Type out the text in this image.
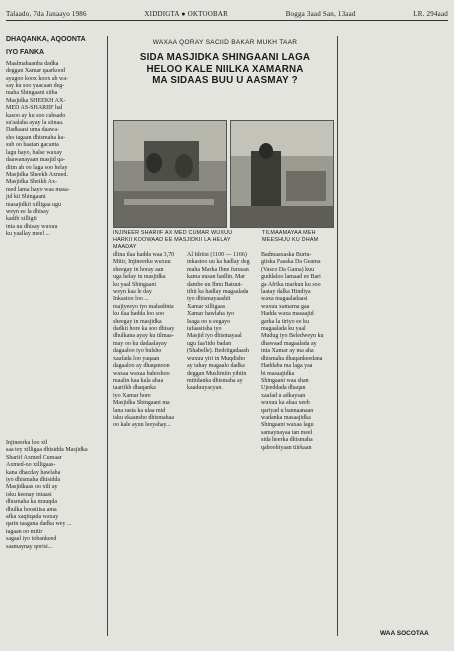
Talaado, 7da Janaayo 1986	XIDDIGTA ● OKTOOBAR	Bogga 3aad San, 13aad	LR. 294aad
DHAQANKA, AQOONTA
IYO FANKA
Maalmahaanba dadka
deggan Xamar qaarkood
ayagoo koox koox ah wa-
say ku soo yaacaan deg-
maha Shingaani siiba
Masjidka SHEEKH AX-
MED AS-SHARIIF hal
kasoo ay ku soo cabsado
su'aalaha ayay la siinaa.
Dadkaasi uma daawa-
sho tagaan dhismaha ka-
sub oo haatan gacanta
lagu hayo, balse waxay
daawanayaan masjid qa-
diim ah oo laga soo helay
Masjidka Sheekh Axmed.
Masjidka Sheikh Ax-
med lama hayo waa masa-
jid kii Shingaani
masajidkii xilligaa ugu
weyn ee la dhisay
kadib xilligii
inta uu dhisay wuxuu
ku yaallay meel ...
Injineerka loo xil
saa tey xilligaa dhisidda Masjidka
Shariif Axmed Cumaar
Axmed-oo xilligaas-
kana dhacday hawlaha
iyo dhismaha dhisidda
Masjidkaas oo xili ay
isku keenay intaasi
dhismaha ka muuqda
dhulka hoostiisa ama
afka xaqiiqada waxay
qarin taagana dadka wey ...
tagaan oo mitir
sagaal iyo tobankeed
saamaynay qorisi...
WAXAA QORAY SACIID BAKAR MUKH TAAR
SIDA MASJIDKA SHINGAANI LAGA
HELOO KALE NIILKA XAMARNA
MA SIDAAS BUU U AASMAY ?
INJINEER SHARIIF AX MED CUMAR WUXUU
HARKII KOOWAAD EE MASJIDKII LA HELAY
MAADAY
TILMAAMAYAA MEH
MEESHUU KU DHAM
dlina ilaa hadda waa 3,70
Mitir, Injineerku wuxuu
sheegay in horay aan
uga helay in masjidka
ku yaal Shingaani
weyn kaa le day
Inkastoo loo ...
majiyeeyo iyo mahadinta
ku ilaa hadda loo soo
sheegay in masjidka
dadkii hore ka soo dhisay
dhulkana ayay ku tilmaa-
may oo ku dadaalayay
dagaaloo iyo bulsho
xaafada loo yaqaan
dagaaloo ay dhaqanoon
waxaa waxaa bahoshoo
maalin kaa kala ahaa
taariikh dhaqanka
iyo Xamar hore
Masjidka Shingaani ma
lana rasta ka ulaa mid
isku ekaansho dhismahaa
oo kale ayuu leeyahay...
Al Idriisi (1100 — 1166)
inkastoo uu ka hadlay deg
maha Marka Ibne furusan
kama uusan hadlin. Mar
dambe uu Ibnu Batuut-
tihii ka hadlay magaalada
iyo dhismayaashii
Xamar xilligaas
Xamar hawlaha iyo
Isaga oo u eegayo
tafaasiisha iyo
Masjid iyo dhismayaal
ugu faa'iido badan
(Shabelle). Bedriigadaash
wuxuu yiri in Muqdisho
ay tahay magaalo dadka
deggan Muslimiin yihiin
mitidanka dhismaha ay
kaaduuyacyan.
Badmaaxaska Burtu-
giiska Faaska Da Geama
(Vasco Da Gama) kuu
guddaloo lamaad ee Bari
ga Afrika markuu ku soo
laatay dalka Hindiya
waxa magaaladaasi
wuxuu xamarna gaa
Hadda waxa masaajid
garka la tiriyo ee ku
magaalada ku yaal
Mudug iyo Beledweyn ku
dhawaad magaalada ay
inta Xamar ay ma aha
dhismaha dhaqankeedana
Haddaba ma laga yaa
bi masaajidka
Shingaani waa shan
Ujeeddada dhaqan
xaafad u adkaysan
wuxuu ka ahaa xeeb
qariyad u bannaanaan
wadanka masaajidka
Shingaani waxaa lagu
samaynayaa tan meel
sida heerka dhismaha
qaboobiyaan tiirkaan
WAA SOCOTAA
